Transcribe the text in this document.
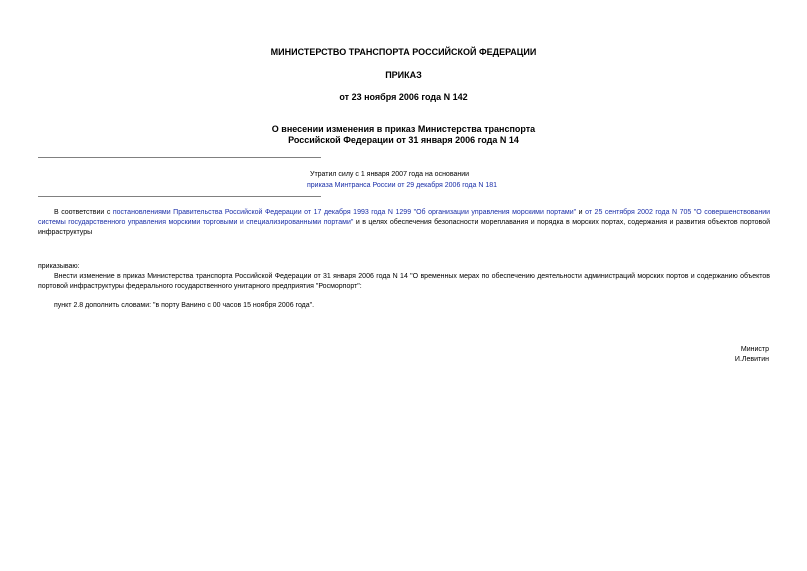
МИНИСТЕРСТВО ТРАНСПОРТА РОССИЙСКОЙ ФЕДЕРАЦИИ
ПРИКАЗ
от 23 ноября 2006 года N 142
О внесении изменения в приказ Министерства транспорта
Российской Федерации от 31 января 2006 года N 14
Утратил силу с 1 января 2007 года на основании
приказа Минтранса России от 29 декабря 2006 года N 181
В соответствии с постановлениями Правительства Российской Федерации от 17 декабря 1993 года N 1299 "Об организации управления морскими портами" и от 25 сентября 2002 года N 705 "О совершенствовании системы государственного управления морскими торговыми и специализированными портами" и в целях обеспечения безопасности мореплавания и порядка в морских портах, содержания и развития объектов портовой инфраструктуры
приказываю:
Внести изменение в приказ Министерства транспорта Российской Федерации от 31 января 2006 года N 14 "О временных мерах по обеспечению деятельности администраций морских портов и содержанию объектов портовой инфраструктуры федерального государственного унитарного предприятия "Росморпорт":
пункт 2.8 дополнить словами: "в порту Ванино с 00 часов 15 ноября 2006 года".
Министр
И.Левитин
